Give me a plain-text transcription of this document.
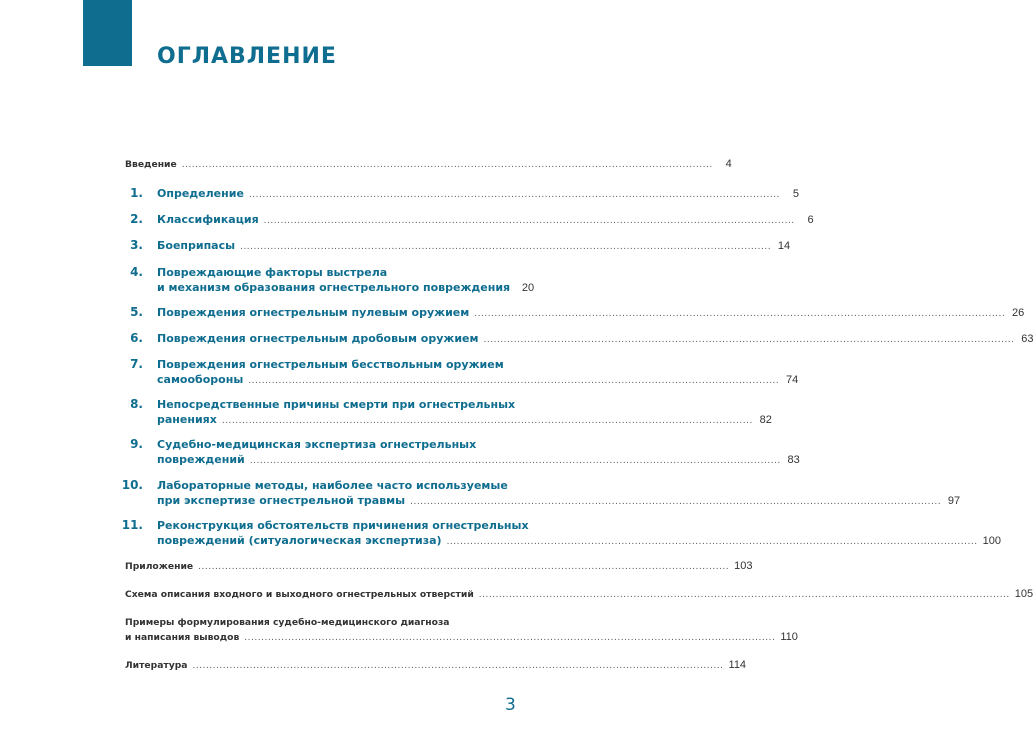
ОГЛАВЛЕНИЕ
Введение ..............................................................................................................................................................	4
1. Определение ..............................................................................................................................................................	5
2. Классификация ..............................................................................................................................................................	6
3. Боеприпасы .............................................................................................................................................................. 14
4. Повреждающие факторы выстрела
и механизм образования огнестрельного повреждения 20
5. Повреждения огнестрельным пулевым оружием .............................................................................................................................................................. 26
6. Повреждения огнестрельным дробовым оружием .............................................................................................................................................................. 63
7. Повреждения огнестрельным бесствольным оружием
самообороны .............................................................................................................................................................. 74
8. Непосредственные причины смерти при огнестрельных
ранениях .............................................................................................................................................................. 82
9. Судебно-медицинская экспертиза огнестрельных
повреждений .............................................................................................................................................................. 83
10. Лабораторные методы, наиболее часто используемые
при экспертизе огнестрельной травмы .............................................................................................................................................................. 97
11. Реконструкция обстоятельств причинения огнестрельных
повреждений (ситуалогическая экспертиза) .............................................................................................................................................................. 100
Приложение .............................................................................................................................................................. 103
Схема описания входного и выходного огнестрельных отверстий .............................................................................................................................................................. 105
Примеры формулирования судебно-медицинского диагноза
и написания выводов .............................................................................................................................................................. 110
Литература .............................................................................................................................................................. 114
3
